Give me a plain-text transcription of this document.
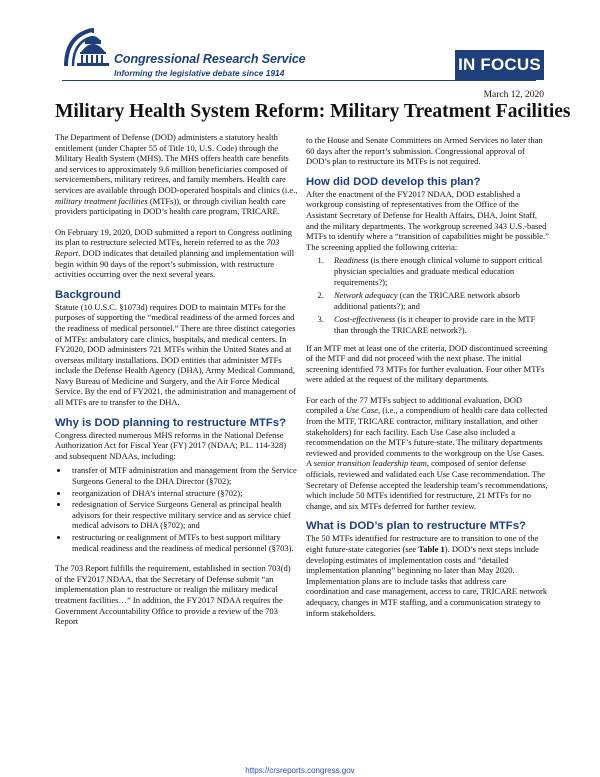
Congressional Research Service
Informing the legislative debate since 1914	IN FOCUS
March 12, 2020
Military Health System Reform: Military Treatment Facilities

The Department of Defense (DOD) administers a statutory health entitlement (under Chapter 55 of Title 10, U.S. Code) through the Military Health System (MHS). The MHS offers health care benefits and services to approximately 9.6 million beneficiaries composed of servicemembers, military retirees, and family members. Health care services are available through DOD-operated hospitals and clinics (i.e., military treatment facilities (MTFs)), or through civilian health care providers participating in DOD’s health care program, TRICARE.

On February 19, 2020, DOD submitted a report to Congress outlining its plan to restructure selected MTFs, herein referred to as the 703 Report. DOD indicates that detailed planning and implementation will begin within 90 days of the report’s submission, with restructure activities occurring over the next several years.

Background

Statute (10 U.S.C. §1073d) requires DOD to maintain MTFs for the purposes of supporting the “medical readiness of the armed forces and the readiness of medical personnel.” There are three distinct categories of MTFs: ambulatory care clinics, hospitals, and medical centers. In FY2020, DOD administers 721 MTFs within the United States and at overseas military installations. DOD entities that administer MTFs include the Defense Health Agency (DHA), Army Medical Command, Navy Bureau of Medicine and Surgery, and the Air Force Medical Service. By the end of FY2021, the administration and management of all MTFs are to transfer to the DHA.

Why is DOD planning to restructure MTFs?

Congress directed numerous MHS reforms in the National Defense Authorization Act for Fiscal Year (FY) 2017 (NDAA; P.L. 114-328) and subsequent NDAAs, including:

• transfer of MTF administration and management from the Service Surgeons General to the DHA Director (§702);
• reorganization of DHA’s internal structure (§702);
• redesignation of Service Surgeons General as principal health advisors for their respective military service and as service chief medical advisors to DHA (§702); and
• restructuring or realignment of MTFs to best support military medical readiness and the readiness of medical personnel (§703).

The 703 Report fulfills the requirement, established in section 703(d) of the FY2017 NDAA, that the Secretary of Defense submit “an implementation plan to restructure or realign the military medical treatment facilities…” In addition, the FY2017 NDAA requires the Government Accountability Office to provide a review of the 703 Report

to the House and Senate Committees on Armed Services no later than 60 days after the report’s submission. Congressional approval of DOD’s plan to restructure its MTFs is not required.

How did DOD develop this plan?

After the enactment of the FY2017 NDAA, DOD established a workgroup consisting of representatives from the Office of the Assistant Secretary of Defense for Health Affairs, DHA, Joint Staff, and the military departments. The workgroup screened 343 U.S.-based MTFs to identify where a “transition of capabilities might be possible.” The screening applied the following criteria:

1. Readiness (is there enough clinical volume to support critical physician specialties and graduate medical education requirements?);
2. Network adequacy (can the TRICARE network absorb additional patients?); and
3. Cost-effectiveness (is it cheaper to provide care in the MTF than through the TRICARE network?).

If an MTF met at least one of the criteria, DOD discontinued screening of the MTF and did not proceed with the next phase. The initial screening identified 73 MTFs for further evaluation. Four other MTFs were added at the request of the military departments.

For each of the 77 MTFs subject to additional evaluation, DOD compiled a Use Case, (i.e., a compendium of health care data collected from the MTF, TRICARE contractor, military installation, and other stakeholders) for each facility. Each Use Case also included a recommendation on the MTF’s future-state. The military departments reviewed and provided comments to the workgroup on the Use Cases. A senior transition leadership team, composed of senior defense officials, reviewed and validated each Use Case recommendation. The Secretary of Defense accepted the leadership team’s recommendations, which include 50 MTFs identified for restructure, 21 MTFs for no change, and six MTFs deferred for further review.

What is DOD’s plan to restructure MTFs?

The 50 MTFs identified for restructure are to transition to one of the eight future-state categories (see Table 1). DOD’s next steps include developing estimates of implementation costs and “detailed implementation planning” beginning no later than May 2020. Implementation plans are to include tasks that address care coordination and case management, access to care, TRICARE network adequacy, changes in MTF staffing, and a communication strategy to inform stakeholders.

https://crsreports.congress.gov
